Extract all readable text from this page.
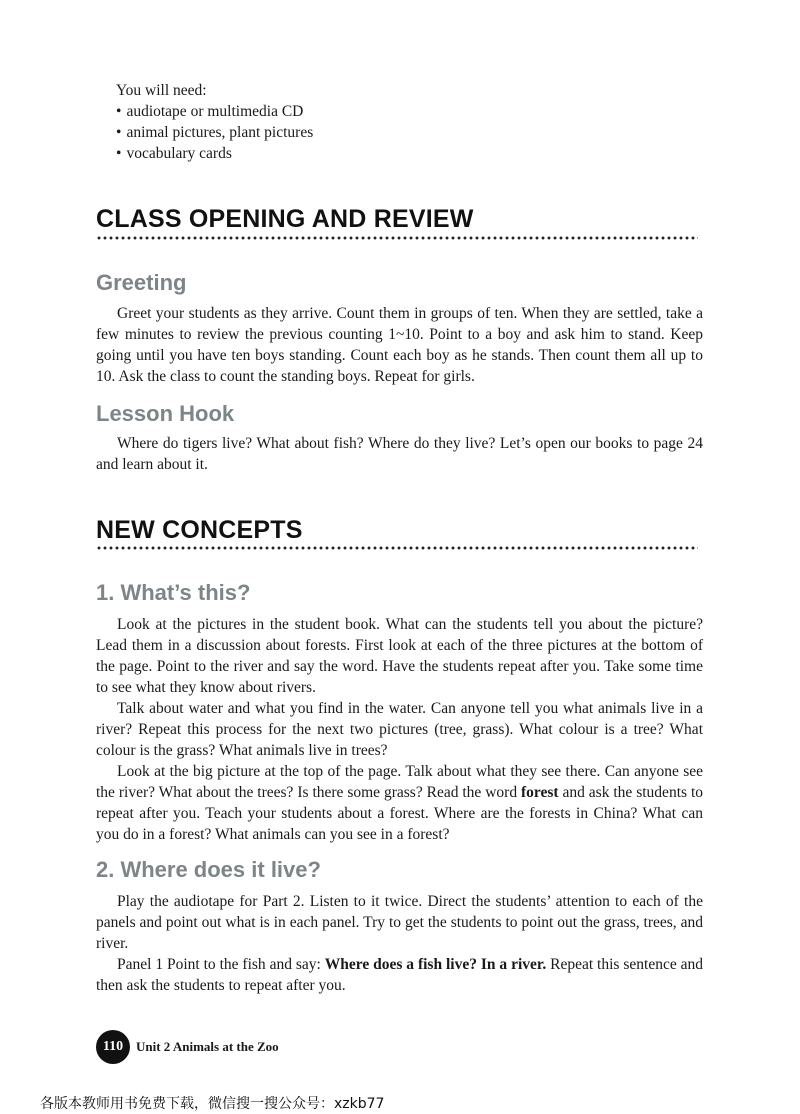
You will need:
• audiotape or multimedia CD
• animal pictures, plant pictures
• vocabulary cards
CLASS OPENING AND REVIEW
Greeting

Greet your students as they arrive. Count them in groups of ten. When they are settled, take a few minutes to review the previous counting 1~10. Point to a boy and ask him to stand. Keep going until you have ten boys standing. Count each boy as he stands. Then count them all up to 10. Ask the class to count the standing boys. Repeat for girls.

Lesson Hook

Where do tigers live? What about fish? Where do they live? Let’s open our books to page 24 and learn about it.

NEW CONCEPTS
1. What’s this?

Look at the pictures in the student book. What can the students tell you about the picture? Lead them in a discussion about forests. First look at each of the three pictures at the bottom of the page. Point to the river and say the word. Have the students repeat after you. Take some time to see what they know about rivers.

Talk about water and what you find in the water. Can anyone tell you what animals live in a river? Repeat this process for the next two pictures (tree, grass). What colour is a tree? What colour is the grass? What animals live in trees?

Look at the big picture at the top of the page. Talk about what they see there. Can anyone see the river? What about the trees? Is there some grass? Read the word forest and ask the students to repeat after you. Teach your students about a forest. Where are the forests in China? What can you do in a forest? What animals can you see in a forest?

2. Where does it live?

Play the audiotape for Part 2. Listen to it twice. Direct the students’ attention to each of the panels and point out what is in each panel. Try to get the students to point out the grass, trees, and river.

Panel 1 Point to the fish and say: Where does a fish live? In a river. Repeat this sentence and then ask the students to repeat after you.

110 Unit 2 Animals at the Zoo
各版本教师用书免费下载，微信搜一搜公众号：xzkb77
